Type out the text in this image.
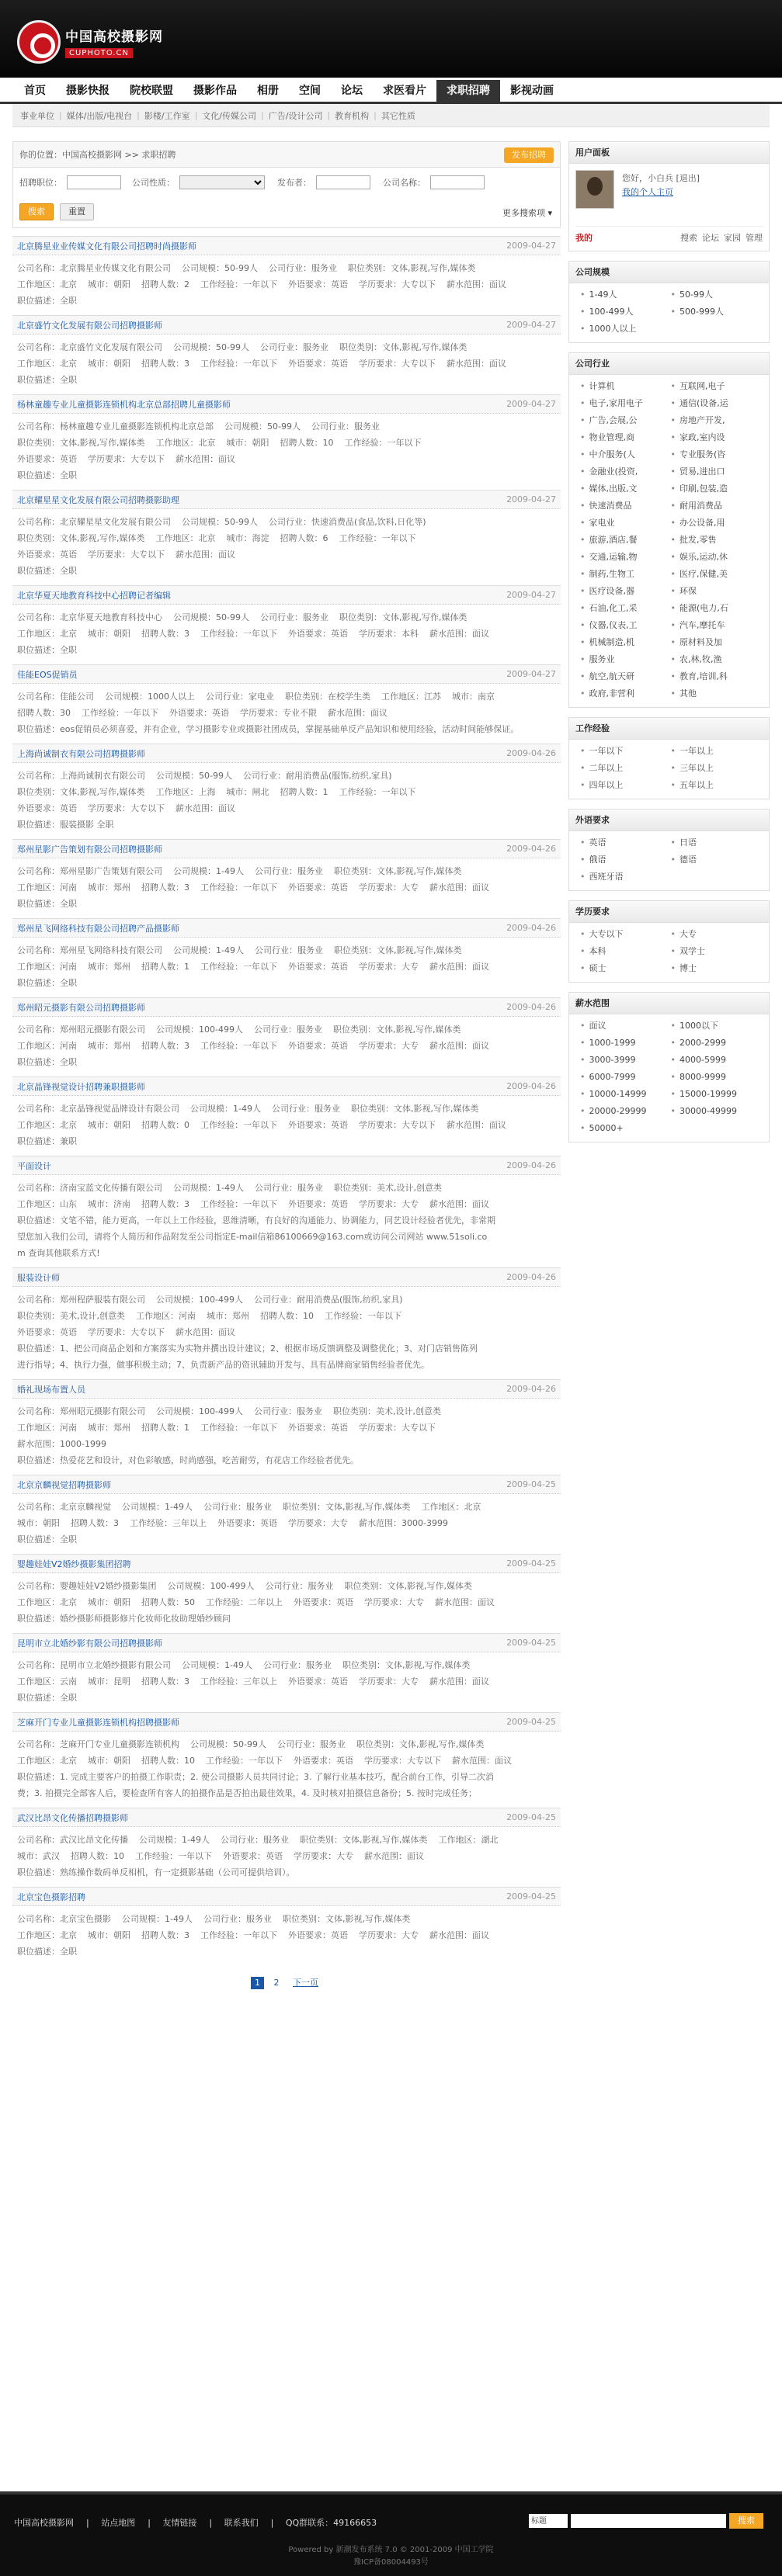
中国高校摄影网
CUPHOTO.CN
首页	摄影快报	院校联盟	摄影作品	相册	空间	论坛	求医看片	求职招聘	影视动画
事业单位 | 媒体/出版/电视台 | 影楼/工作室 | 文化/传媒公司 | 广告/设计公司 | 教育机构 | 其它性质
你的位置：中国高校摄影网 >> 求职招聘	发布招聘
招聘职位：	公司性质：	发布者：	公司名称：
搜索	重置	更多搜索项 ▾
北京腾星业业传媒文化有限公司招聘时尚摄影师	2009-04-27
公司名称：北京腾星业传媒文化有限公司 公司规模：50-99人 公司行业：服务业 职位类别：文体,影视,写作,媒体类
工作地区：北京 城市：朝阳 招聘人数：2 工作经验：一年以下 外语要求：英语 学历要求：大专以下 薪水范围：面议
职位描述：全职
北京盛竹文化发展有限公司招聘摄影师	2009-04-27
公司名称：北京盛竹文化发展有限公司 公司规模：50-99人 公司行业：服务业 职位类别：文体,影视,写作,媒体类
工作地区：北京 城市：朝阳 招聘人数：3 工作经验：一年以下 外语要求：英语 学历要求：大专以下 薪水范围：面议
职位描述：全职
杨林童趣专业儿童摄影连锁机构北京总部招聘儿童摄影师	2009-04-27
公司名称：杨林童趣专业儿童摄影连锁机构北京总部 公司规模：50-99人 公司行业：服务业
职位类别：文体,影视,写作,媒体类 工作地区：北京 城市：朝阳 招聘人数：10 工作经验：一年以下
外语要求：英语 学历要求：大专以下 薪水范围：面议
职位描述：全职
北京耀星星文化发展有限公司招聘摄影助理	2009-04-27
公司名称：北京耀星星文化发展有限公司 公司规模：50-99人 公司行业：快速消费品(食品,饮料,日化等)
职位类别：文体,影视,写作,媒体类 工作地区：北京 城市：海淀 招聘人数：6 工作经验：一年以下
外语要求：英语 学历要求：大专以下 薪水范围：面议
职位描述：全职
北京华夏天地教育科技中心招聘记者编辑	2009-04-27
公司名称：北京华夏天地教育科技中心 公司规模：50-99人 公司行业：服务业 职位类别：文体,影视,写作,媒体类
工作地区：北京 城市：朝阳 招聘人数：3 工作经验：一年以下 外语要求：英语 学历要求：本科 薪水范围：面议
职位描述：全职
佳能EOS促销员	2009-04-27
公司名称：佳能公司 公司规模：1000人以上 公司行业：家电业 职位类别：在校学生类 工作地区：江苏 城市：南京
招聘人数：30 工作经验：一年以下 外语要求：英语 学历要求：专业不限 薪水范围：面议
职位描述：eos促销员必须喜爱，并有企业，学习摄影专业或摄影社团成员，掌握基础单反产品知识和使用经验，活动时间能够保证。
上海尚诚制衣有限公司招聘摄影师	2009-04-26
公司名称：上海尚诚制衣有限公司 公司规模：50-99人 公司行业：耐用消费品(服饰,纺织,家具)
职位类别：文体,影视,写作,媒体类 工作地区：上海 城市：闸北 招聘人数：1 工作经验：一年以下
外语要求：英语 学历要求：大专以下 薪水范围：面议
职位描述：服装摄影 全职
郑州星影广告策划有限公司招聘摄影师	2009-04-26
公司名称：郑州星影广告策划有限公司 公司规模：1-49人 公司行业：服务业 职位类别：文体,影视,写作,媒体类
工作地区：河南 城市：郑州 招聘人数：3 工作经验：一年以下 外语要求：英语 学历要求：大专 薪水范围：面议
职位描述：全职
郑州星飞网络科技有限公司招聘产品摄影师	2009-04-26
公司名称：郑州星飞网络科技有限公司 公司规模：1-49人 公司行业：服务业 职位类别：文体,影视,写作,媒体类
工作地区：河南 城市：郑州 招聘人数：1 工作经验：一年以下 外语要求：英语 学历要求：大专 薪水范围：面议
职位描述：全职
郑州昭元摄影有限公司招聘摄影师	2009-04-26
公司名称：郑州昭元摄影有限公司 公司规模：100-499人 公司行业：服务业 职位类别：文体,影视,写作,媒体类
工作地区：河南 城市：郑州 招聘人数：3 工作经验：一年以下 外语要求：英语 学历要求：大专 薪水范围：面议
职位描述：全职
北京晶锋视觉设计招聘兼职摄影师	2009-04-26
公司名称：北京晶锋视觉品牌设计有限公司 公司规模：1-49人 公司行业：服务业 职位类别：文体,影视,写作,媒体类
工作地区：北京 城市：朝阳 招聘人数：0 工作经验：一年以下 外语要求：英语 学历要求：大专以下 薪水范围：面议
职位描述：兼职
平面设计	2009-04-26
公司名称：济南宝蓝文化传播有限公司 公司规模：1-49人 公司行业：服务业 职位类别：美术,设计,创意类
工作地区：山东 城市：济南 招聘人数：3 工作经验：一年以下 外语要求：英语 学历要求：大专 薪水范围：面议
职位描述：文笔不错，能力更高，一年以上工作经验，思维清晰，有良好的沟通能力、协调能力，同艺设计经验者优先，非常期
望您加入我们公司，请将个人简历和作品附发至公司指定E-mail信箱86100669@163.com或访问公司网站 www.51soli.co
m 查询其他联系方式!
服装设计师	2009-04-26
公司名称：郑州程萨服装有限公司 公司规模：100-499人 公司行业：耐用消费品(服饰,纺织,家具)
职位类别：美术,设计,创意类 工作地区：河南 城市：郑州 招聘人数：10 工作经验：一年以下
外语要求：英语 学历要求：大专以下 薪水范围：面议
职位描述：1、把公司商品企划和方案落实为实物并撰出设计建议；2、根据市场反馈调整及调整优化；3、对门店销售陈列
进行指导；4、执行力强，做事积极主动；7、负责新产品的资讯辅助开发与、具有品牌商家销售经验者优先。
婚礼现场布置人员	2009-04-26
公司名称：郑州昭元摄影有限公司 公司规模：100-499人 公司行业：服务业 职位类别：美术,设计,创意类
工作地区：河南 城市：郑州 招聘人数：1 工作经验：一年以下 外语要求：英语 学历要求：大专以下
薪水范围：1000-1999
职位描述：热爱花艺和设计，对色彩敏感，时尚感强，吃苦耐劳，有花店工作经验者优先。
北京京麟视觉招聘摄影师	2009-04-25
公司名称：北京京麟视觉 公司规模：1-49人 公司行业：服务业 职位类别：文体,影视,写作,媒体类 工作地区：北京
城市：朝阳 招聘人数：3 工作经验：三年以上 外语要求：英语 学历要求：大专 薪水范围：3000-3999
职位描述：全职
婴趣娃娃V2婚纱摄影集团招聘	2009-04-25
公司名称：婴趣娃娃V2婚纱摄影集团 公司规模：100-499人 公司行业：服务业 职位类别：文体,影视,写作,媒体类
工作地区：北京 城市：朝阳 招聘人数：50 工作经验：二年以上 外语要求：英语 学历要求：大专 薪水范围：面议
职位描述：婚纱摄影师摄影修片化妆师化妆助理婚纱顾问
昆明市立北婚纱影有限公司招聘摄影师	2009-04-25
公司名称：昆明市立北婚纱摄影有限公司 公司规模：1-49人 公司行业：服务业 职位类别：文体,影视,写作,媒体类
工作地区：云南 城市：昆明 招聘人数：3 工作经验：三年以上 外语要求：英语 学历要求：大专 薪水范围：面议
职位描述：全职
芝麻开门专业儿童摄影连锁机构招聘摄影师	2009-04-25
公司名称：芝麻开门专业儿童摄影连锁机构 公司规模：50-99人 公司行业：服务业 职位类别：文体,影视,写作,媒体类
工作地区：北京 城市：朝阳 招聘人数：10 工作经验：一年以下 外语要求：英语 学历要求：大专以下 薪水范围：面议
职位描述：1. 完成主要客户的拍摄工作职责；2. 使公司摄影人员共同讨论；3. 了解行业基本技巧，配合前台工作，引导二次消
费；3. 拍摄完全部客人后，要检查所有客人的拍摄作品是否拍出最佳效果，4. 及时核对拍摄信息备份；5. 按时完成任务；
武汉比昂文化传播招聘摄影师	2009-04-25
公司名称：武汉比昂文化传播 公司规模：1-49人 公司行业：服务业 职位类别：文体,影视,写作,媒体类 工作地区：湖北
城市：武汉 招聘人数：10 工作经验：一年以下 外语要求：英语 学历要求：大专 薪水范围：面议
职位描述：熟练操作数码单反相机，有一定摄影基础（公司可提供培训）。
北京宝色摄影招聘	2009-04-25
公司名称：北京宝色摄影 公司规模：1-49人 公司行业：服务业 职位类别：文体,影视,写作,媒体类
工作地区：北京 城市：朝阳 招聘人数：3 工作经验：一年以下 外语要求：英语 学历要求：大专 薪水范围：面议
职位描述：全职
1 2 下一页
用户面板
您好，小白兵 [退出]
我的个人主页
我的	搜索 论坛 家园 管理
公司规模
• 1-49人	• 50-99人
• 100-499人	• 500-999人
• 1000人以上
公司行业
• 计算机	• 互联网,电子
• 电子,家用电子	• 通信(设备,运
• 广告,会展,公	• 房地产开发,
• 物业管理,商	• 家政,室内设
• 中介服务(人	• 专业服务(咨
• 金融业(投资,	• 贸易,进出口
• 媒体,出版,文	• 印刷,包装,造
• 快速消费品	• 耐用消费品
• 家电业	• 办公设备,用
• 旅游,酒店,餐	• 批发,零售
• 交通,运输,物	• 娱乐,运动,休
• 制药,生物工	• 医疗,保健,美
• 医疗设备,器	• 环保
• 石油,化工,采	• 能源(电力,石
• 仪器,仪表,工	• 汽车,摩托车
• 机械制造,机	• 原材料及加
• 服务业	• 农,林,牧,渔
• 航空,航天研	• 教育,培训,科
• 政府,非营利	• 其他
工作经验
• 一年以下	• 一年以上
• 二年以上	• 三年以上
• 四年以上	• 五年以上
外语要求
• 英语	• 日语
• 俄语	• 德语
• 西班牙语
学历要求
• 大专以下	• 大专
• 本科	• 双学士
• 硕士	• 博士
薪水范围
• 面议	• 1000以下
• 1000-1999	• 2000-2999
• 3000-3999	• 4000-5999
• 6000-7999	• 8000-9999
• 10000-14999	• 15000-19999
• 20000-29999	• 30000-49999
• 50000+
中国高校摄影网 | 站点地图 | 友情链接 | 联系我们 | QQ群联系：49166653	标题	搜索
Powered by 新潮发布系统 7.0 © 2001-2009 中国工学院
豫ICP备08004493号
